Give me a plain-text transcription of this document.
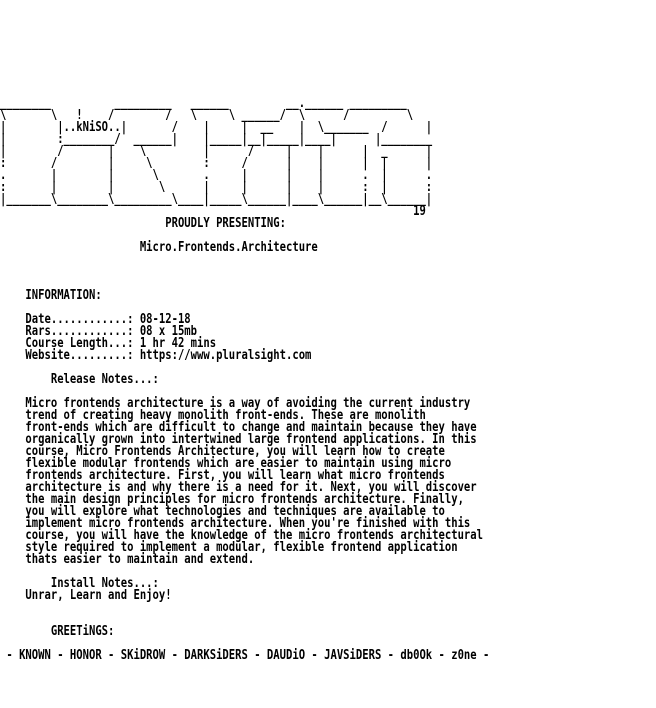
________          _________   ______         __.______ _________
\       \   !    /        /   \     \ ______/  \      /         \
|        |..kNiSO..|       /    |     |  __    |  \_______  /      |
|        :________/  ______|    |_____|__|_____|____|      |________
|        /       |    \         |      /     |    |      |  _      |
:       /        |     \        :     /      |    |      |  |      |
.       |        |      \       .     |      |    |      .  |      .
:       |        |       \      |     |      |    |      :  |      :
|_______\________\_________\____|_____\______|____\______|__\______|
19
PROUDLY PRESENTING:
Micro.Frontends.Architecture
INFORMATION:
Date............: 08-12-18
Rars............: 08 x 15mb
Course Length...: 1 hr 42 mins
Website.........: https://www.pluralsight.com
Release Notes...:
Micro frontends architecture is a way of avoiding the current industry
trend of creating heavy monolith front-ends. These are monolith
front-ends which are difficult to change and maintain because they have
organically grown into intertwined large frontend applications. In this
course, Micro Frontends Architecture, you will learn how to create
flexible modular frontends which are easier to maintain using micro
frontends architecture. First, you will learn what micro frontends
architecture is and why there is a need for it. Next, you will discover
the main design principles for micro frontends architecture. Finally,
you will explore what technologies and techniques are available to
implement micro frontends architecture. When you're finished with this
course, you will have the knowledge of the micro frontends architectural
style required to implement a modular, flexible frontend application
thats easier to maintain and extend.
Install Notes...:
Unrar, Learn and Enjoy!
GREETiNGS:
- KNOWN - HONOR - SKiDROW - DARKSiDERS - DAUDiO - JAVSiDERS - db0Ok - z0ne -
